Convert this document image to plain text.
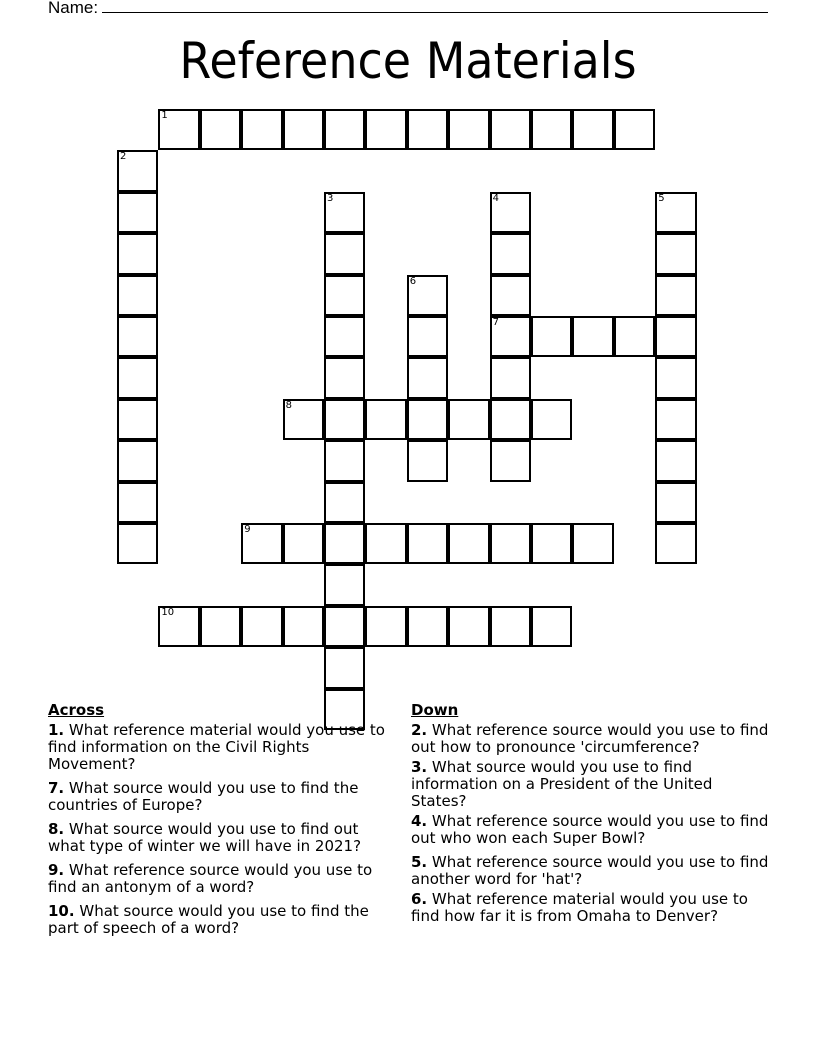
Name:
Reference Materials
1
2
3	4
7
5
6
8
9
10
Across
1. What reference material would you use to find information on the Civil Rights Movement?
7. What source would you use to find the countries of Europe?
8. What source would you use to find out what type of winter we will have in 2021?
9. What reference source would you use to find an antonym of a word?
10. What source would you use to find the part of speech of a word?
Down
2. What reference source would you use to find out how to pronounce 'circumference?
3. What source would you use to find information on a President of the United States?
4. What reference source would you use to find out who won each Super Bowl?
5. What reference source would you use to find another word for 'hat'?
6. What reference material would you use to find how far it is from Omaha to Denver?
